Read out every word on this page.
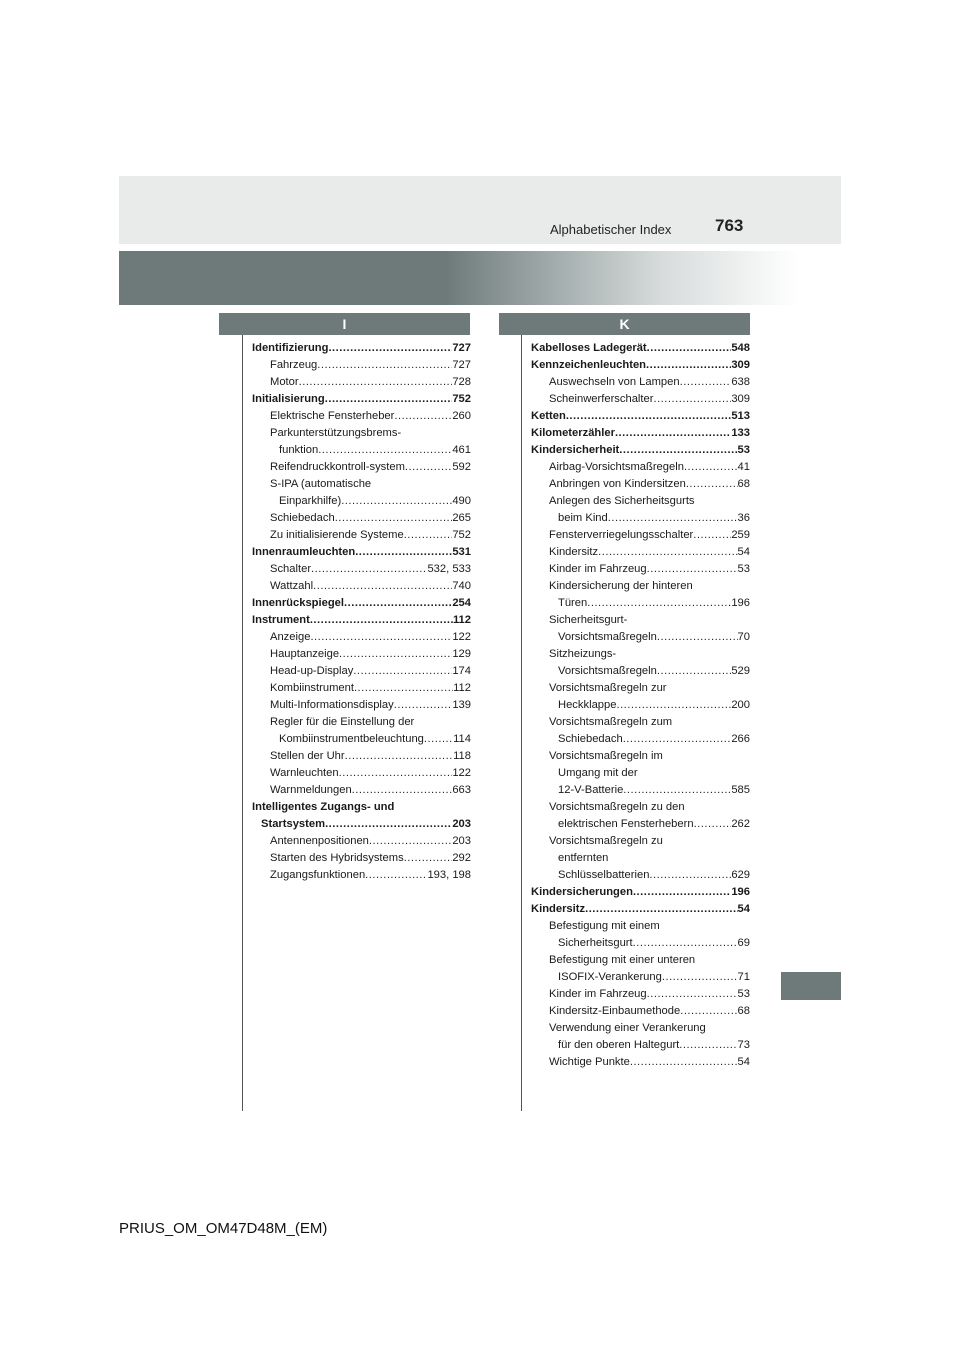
Alphabetischer Index	763
I	K
Identifizierung .....	727
Fahrzeug .....	727
Motor .....	728
Initialisierung .....	752
Elektrische Fensterheber .....	260
Parkunterstützungsbrems-
funktion .....	461
Reifendruckkontroll-system .....	592
S-IPA (automatische
Einparkhilfe) .....	490
Schiebedach .....	265
Zu initialisierende Systeme .....	752
Innenraumleuchten .....	531
Schalter .....	532, 533
Wattzahl .....	740
Innenrückspiegel .....	254
Instrument .....	112
Anzeige .....	122
Hauptanzeige .....	129
Head-up-Display .....	174
Kombiinstrument .....	112
Multi-Informationsdisplay .....	139
Regler für die Einstellung der
Kombiinstrumentbeleuchtung .....	114
Stellen der Uhr .....	118
Warnleuchten .....	122
Warnmeldungen .....	663
Intelligentes Zugangs- und
Startsystem .....	203
Antennenpositionen .....	203
Starten des Hybridsystems .....	292
Zugangsfunktionen .....	193, 198
Kabelloses Ladegerät .....	548
Kennzeichenleuchten .....	309
Auswechseln von Lampen .....	638
Scheinwerferschalter .....	309
Ketten .....	513
Kilometerzähler .....	133
Kindersicherheit .....	53
Airbag-Vorsichtsmaßregeln .....	41
Anbringen von Kindersitzen .....	68
Anlegen des Sicherheitsgurts
beim Kind .....	36
Fensterverriegelungsschalter .....	259
Kindersitz .....	54
Kinder im Fahrzeug .....	53
Kindersicherung der hinteren
Türen .....	196
Sicherheitsgurt-
Vorsichtsmaßregeln .....	70
Sitzheizungs-
Vorsichtsmaßregeln .....	529
Vorsichtsmaßregeln zur
Heckklappe .....	200
Vorsichtsmaßregeln zum
Schiebedach .....	266
Vorsichtsmaßregeln im
Umgang mit der
12-V-Batterie .....	585
Vorsichtsmaßregeln zu den
elektrischen Fensterhebern .....	262
Vorsichtsmaßregeln zu
entfernten
Schlüsselbatterien .....	629
Kindersicherungen .....	196
Kindersitz .....	54
Befestigung mit einem
Sicherheitsgurt .....	69
Befestigung mit einer unteren
ISOFIX-Verankerung .....	71
Kinder im Fahrzeug .....	53
Kindersitz-Einbaumethode .....	68
Verwendung einer Verankerung
für den oberen Haltegurt .....	73
Wichtige Punkte .....	54
PRIUS_OM_OM47D48M_(EM)
